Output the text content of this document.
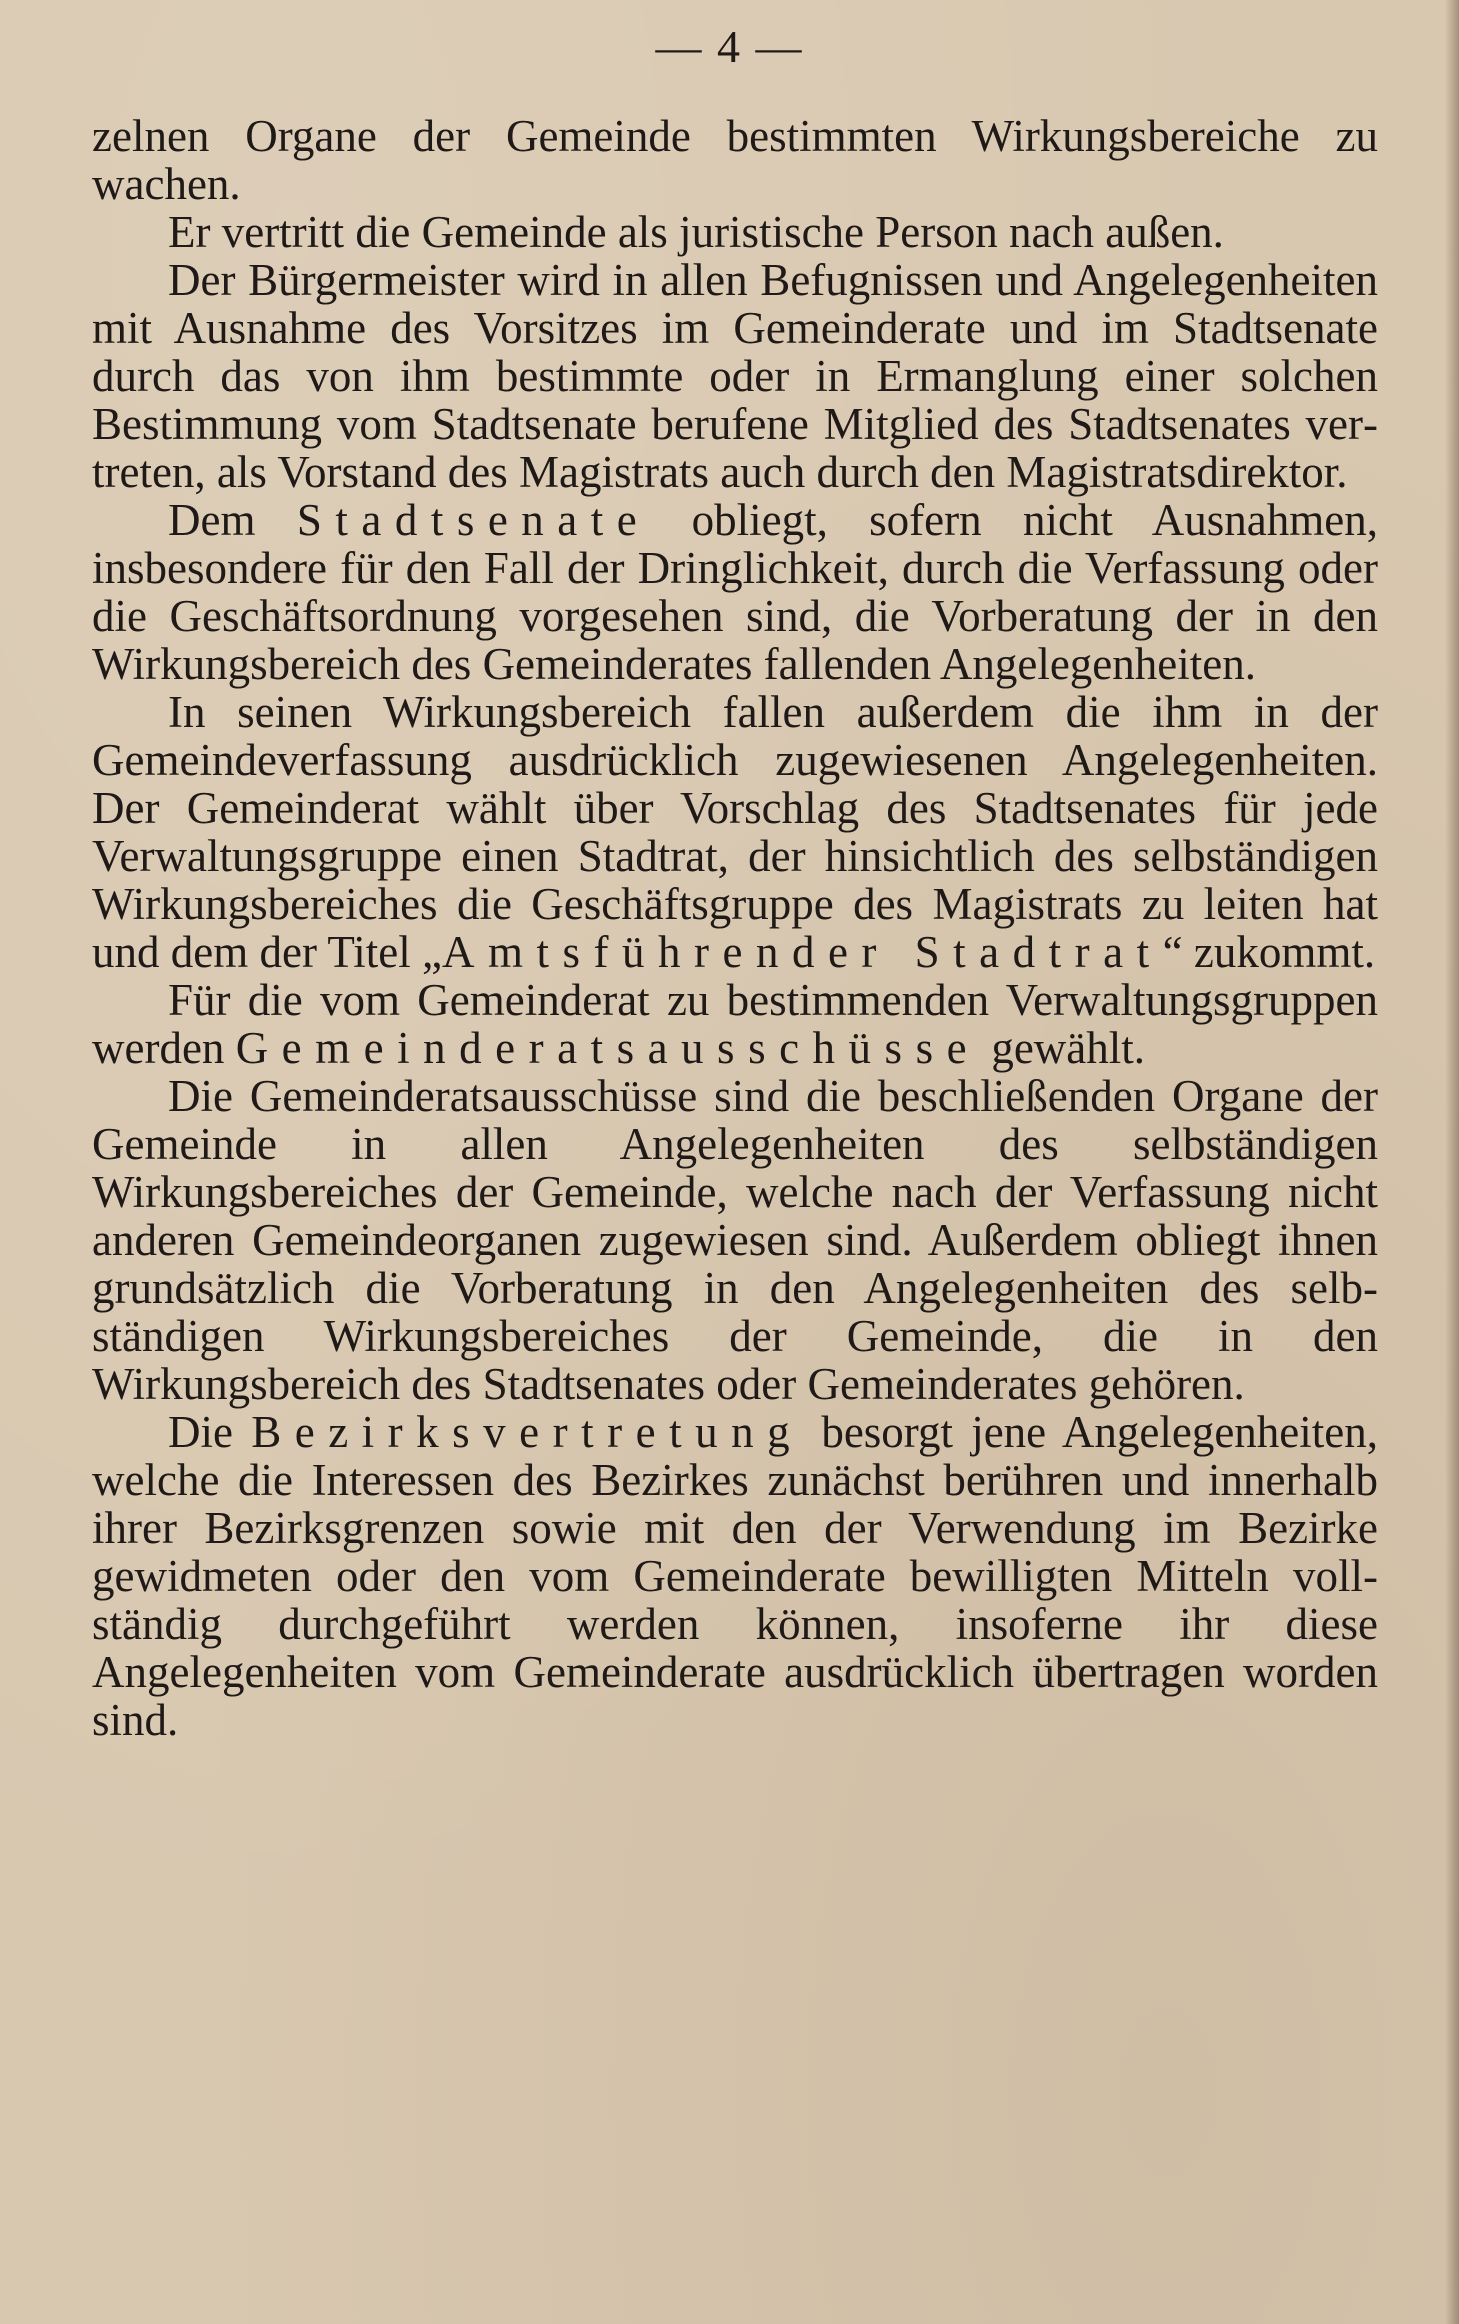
— 4 —

zelnen Organe der Gemeinde bestimmten Wirkungsbereiche zu wachen.

Er vertritt die Gemeinde als juristische Person nach außen.

Der Bürgermeister wird in allen Befugnissen und Angelegenheiten mit Ausnahme des Vorsitzes im Gemeinderate und im Stadtsenate durch das von ihm bestimmte oder in Ermanglung einer solchen Bestimmung vom Stadtsenate berufene Mitglied des Stadtsenates vertreten, als Vorstand des Magistrats auch durch den Magistratsdirektor.

Dem Stadtsenate obliegt, sofern nicht Ausnahmen, insbesondere für den Fall der Dringlichkeit, durch die Verfassung oder die Geschäftsordnung vorgesehen sind, die Vorberatung der in den Wirkungsbereich des Gemeinderates fallenden Angelegenheiten.

In seinen Wirkungsbereich fallen außerdem die ihm in der Gemeindeverfassung ausdrücklich zugewiesenen Angelegenheiten. Der Gemeinderat wählt über Vorschlag des Stadtsenates für jede Verwaltungsgruppe einen Stadtrat, der hinsichtlich des selbständigen Wirkungsbereiches die Geschäftsgruppe des Magistrats zu leiten hat und dem der Titel „Amtsführender Stadtrat“ zukommt.

Für die vom Gemeinderat zu bestimmenden Verwaltungsgruppen werden Gemeinderatsausschüsse gewählt.

Die Gemeinderatsausschüsse sind die beschließenden Organe der Gemeinde in allen Angelegenheiten des selbständigen Wirkungsbereiches der Gemeinde, welche nach der Verfassung nicht anderen Gemeindeorganen zugewiesen sind. Außerdem obliegt ihnen grundsätzlich die Vorberatung in den Angelegenheiten des selbständigen Wirkungsbereiches der Gemeinde, die in den Wirkungsbereich des Stadtsenates oder Gemeinderates gehören.

Die Bezirksvertretung besorgt jene Angelegenheiten, welche die Interessen des Bezirkes zunächst berühren und innerhalb ihrer Bezirksgrenzen sowie mit den der Verwendung im Bezirke gewidmeten oder den vom Gemeinderate bewilligten Mitteln vollständig durchgeführt werden können, insoferne ihr diese Angelegenheiten vom Gemeinderate ausdrücklich übertragen worden sind.
